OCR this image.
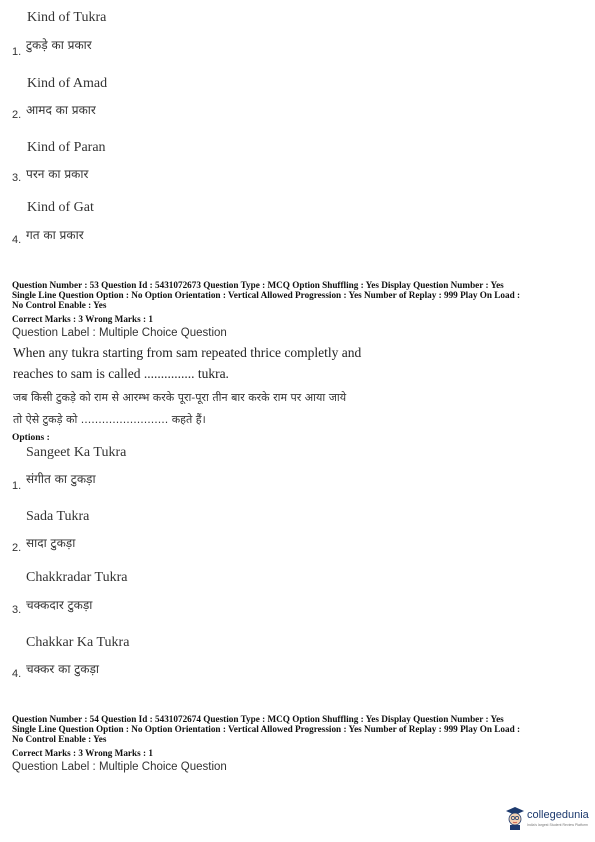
Kind of Tukra
1. टुकड़े का प्रकार
Kind of Amad
2. आमद का प्रकार
Kind of Paran
3. परन का प्रकार
Kind of Gat
4. गत का प्रकार
Question Number : 53 Question Id : 5431072673 Question Type : MCQ Option Shuffling : Yes Display Question Number : Yes
Single Line Question Option : No Option Orientation : Vertical Allowed Progression : Yes Number of Replay : 999 Play On Load :
No Control Enable : Yes
Correct Marks : 3 Wrong Marks : 1
Question Label : Multiple Choice Question
When any tukra starting from sam repeated thrice completly and
reaches to sam is called ............... tukra.
जब किसी टुकड़े को राम से आरम्भ करके पूरा-पूरा तीन बार करके राम पर आया जाये
तो ऐसे टुकड़े को ......................... कहते हैं।
Options :
Sangeet Ka Tukra
1. संगीत का टुकड़ा
Sada Tukra
2. सादा टुकड़ा
Chakkradar Tukra
3. चक्कदार टुकड़ा
Chakkar Ka Tukra
4. चक्कर का टुकड़ा
Question Number : 54 Question Id : 5431072674 Question Type : MCQ Option Shuffling : Yes Display Question Number : Yes
Single Line Question Option : No Option Orientation : Vertical Allowed Progression : Yes Number of Replay : 999 Play On Load :
No Control Enable : Yes
Correct Marks : 3 Wrong Marks : 1
Question Label : Multiple Choice Question
collegedunia
India's largest Student Review Platform
